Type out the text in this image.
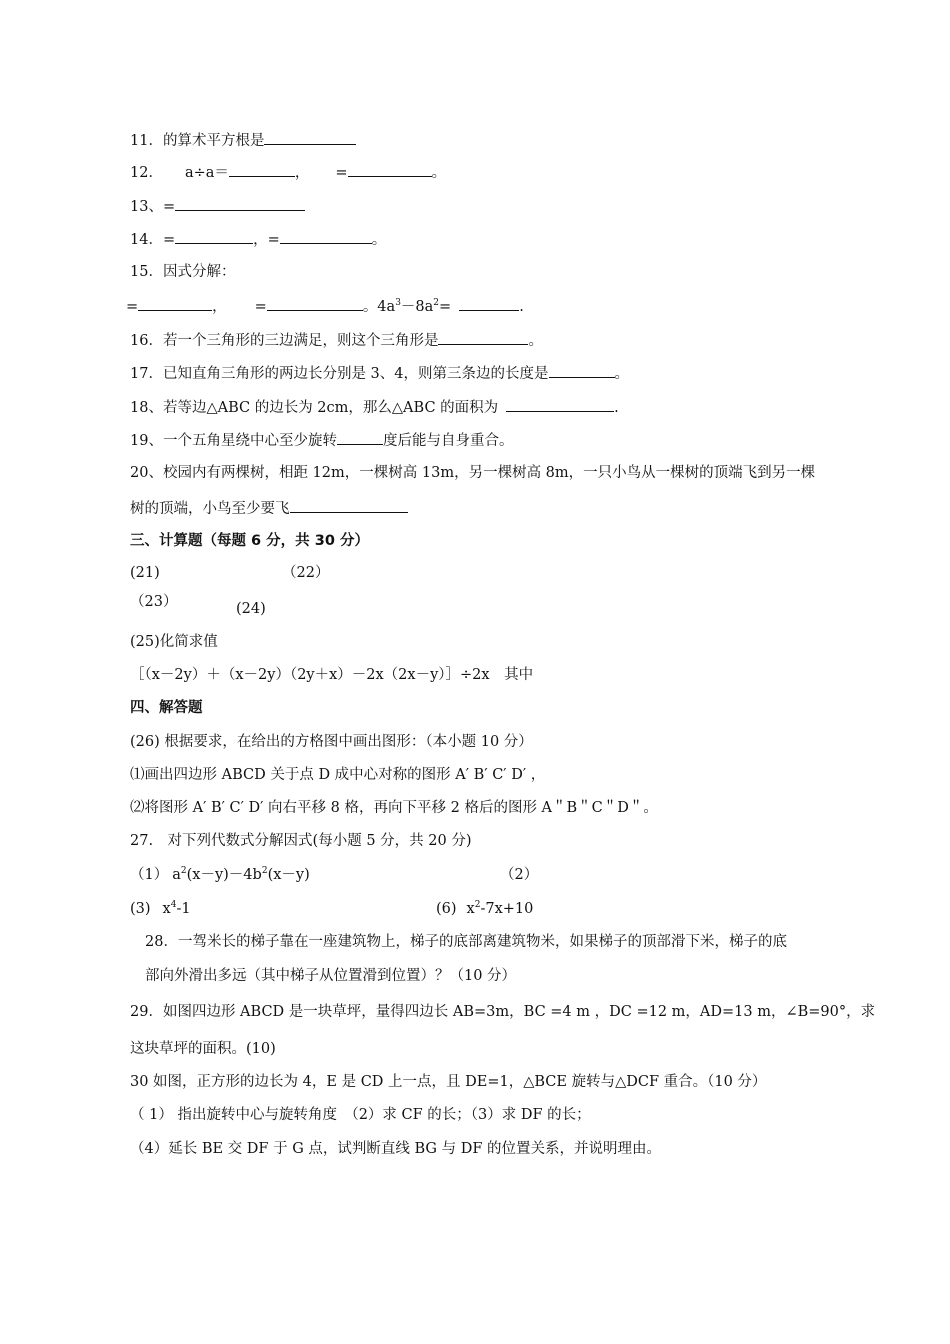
11．的算术平方根是
12． a÷a＝	， =	。
13、=
14．=	，=	。
15．因式分解：
=	， =	。$4a^3-8a^2=$	.
16．若一个三角形的三边满足，则这个三角形是	。
17．已知直角三角形的两边长分别是 3、4，则第三条边的长度是	。
18、若等边△ABC 的边长为 2cm，那么△ABC 的面积为	.
19、一个五角星绕中心至少旋转	度后能与自身重合。
20、校园内有两棵树，相距 12m，一棵树高 13m，另一棵树高 8m，一只小鸟从一棵树的顶端飞到另一棵
树的顶端，小鸟至少要飞
三、计算题（每题 6 分，共 30 分）
(21)	（22）
（23）	(24)
(25)化简求值
［（x－2y）＋（x－2y）（2y＋x）－2x（2x－y）］÷2x　其中
四、解答题
(26) 根据要求，在给出的方格图中画出图形：（本小题 10 分）
⑴画出四边形 ABCD 关于点 D 成中心对称的图形 A′ B′ C′ D′ ，
⑵将图形 A′ B′ C′ D′ 向右平移 8 格，再向下平移 2 格后的图形 A＂B＂C＂D＂。
27.　对下列代数式分解因式(每小题 5 分，共 20 分)
（1） $a^2(x-y)-4b^2(x-y)$	（2）
(3) $x^4-1$	(6) $x^2-7x+10$
28．一驾米长的梯子靠在一座建筑物上，梯子的底部离建筑物米，如果梯子的顶部滑下米，梯子的底
部向外滑出多远（其中梯子从位置滑到位置）？（10 分）
29．如图四边形 ABCD 是一块草坪，量得四边长 AB=3m，BC =4 m ，DC =12 m，AD=13 m，∠B=90°，求
这块草坪的面积。(10)
30 如图，正方形的边长为 4，E 是 CD 上一点，且 DE=1，△BCE 旋转与△DCF 重合。（10 分）
（ 1） 指出旋转中心与旋转角度　（2）求 CF 的长；（3）求 DF 的长；
（4）延长 BE 交 DF 于 G 点，试判断直线 BG 与 DF 的位置关系，并说明理由。
